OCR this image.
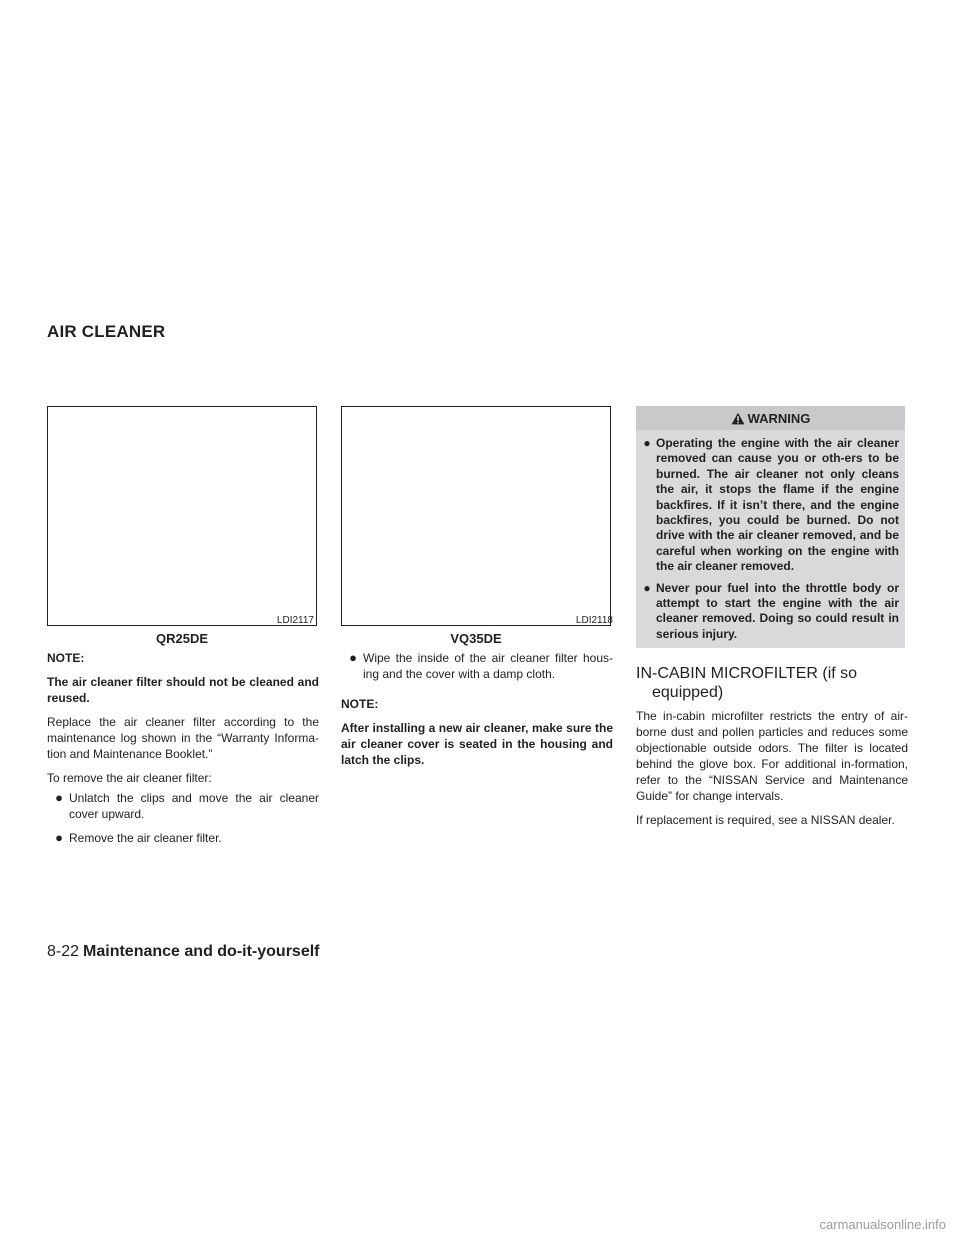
AIR CLEANER
LDI2117
QR25DE
LDI2118
VQ35DE

NOTE:

The air cleaner filter should not be cleaned and reused.

Replace the air cleaner filter according to the maintenance log shown in the “Warranty Informa-tion and Maintenance Booklet.”

To remove the air cleaner filter:

● Unlatch the clips and move the air cleaner cover upward.
● Remove the air cleaner filter.
● Wipe the inside of the air cleaner filter hous-ing and the cover with a damp cloth.

NOTE:

After installing a new air cleaner, make sure the air cleaner cover is seated in the housing and latch the clips.

WARNING
● Operating the engine with the air cleaner removed can cause you or oth-ers to be burned. The air cleaner not only cleans the air, it stops the flame if the engine backfires. If it isn’t there, and the engine backfires, you could be burned. Do not drive with the air cleaner removed, and be careful when working on the engine with the air cleaner removed.
● Never pour fuel into the throttle body or attempt to start the engine with the air cleaner removed. Doing so could result in serious injury.
IN-CABIN MICROFILTER (if so
equipped)

The in-cabin microfilter restricts the entry of air-borne dust and pollen particles and reduces some objectionable outside odors. The filter is located behind the glove box. For additional in-formation, refer to the “NISSAN Service and Maintenance Guide” for change intervals.

If replacement is required, see a NISSAN dealer.

8-22 Maintenance and do-it-yourself
carmanualsonline.info
